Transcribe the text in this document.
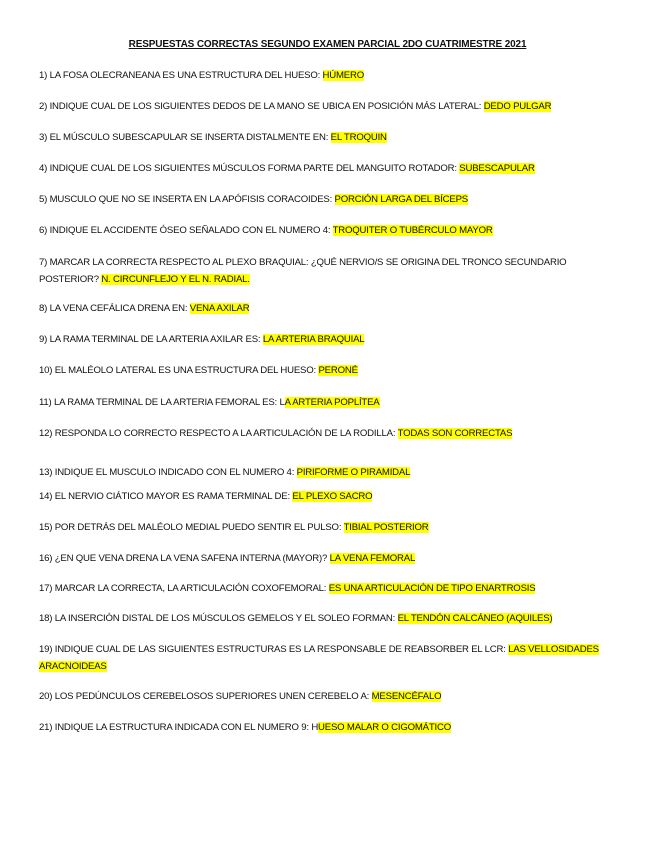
RESPUESTAS CORRECTAS SEGUNDO EXAMEN PARCIAL 2DO CUATRIMESTRE 2021
1) LA FOSA OLECRANEANA ES UNA ESTRUCTURA DEL HUESO: HÚMERO
2) INDIQUE CUAL DE LOS SIGUIENTES DEDOS DE LA MANO SE UBICA EN POSICIÓN MÁS LATERAL: DEDO PULGAR
3) EL MÚSCULO SUBESCAPULAR SE INSERTA DISTALMENTE EN: EL TROQUIN
4) INDIQUE CUAL DE LOS SIGUIENTES MÚSCULOS FORMA PARTE DEL MANGUITO ROTADOR: SUBESCAPULAR
5) MUSCULO QUE NO SE INSERTA EN LA APÓFISIS CORACOIDES: PORCIÓN LARGA DEL BÍCEPS
6) INDIQUE EL ACCIDENTE ÓSEO SEÑALADO CON EL NUMERO 4: TROQUITER O TUBÉRCULO MAYOR
7) MARCAR LA CORRECTA RESPECTO AL PLEXO BRAQUIAL: ¿QUÉ NERVIO/S SE ORIGINA DEL TRONCO SECUNDARIO POSTERIOR? N. CIRCUNFLEJO Y EL N. RADIAL.
8) LA VENA CEFÁLICA DRENA EN: VENA AXILAR
9) LA RAMA TERMINAL DE LA ARTERIA AXILAR ES: LA ARTERIA BRAQUIAL
10) EL MALÉOLO LATERAL ES UNA ESTRUCTURA DEL HUESO: PERONÉ
11) LA RAMA TERMINAL DE LA ARTERIA FEMORAL ES: LA ARTERIA POPLÍTEA
12) RESPONDA LO CORRECTO RESPECTO A LA ARTICULACIÓN DE LA RODILLA: TODAS SON CORRECTAS
13) INDIQUE EL MUSCULO INDICADO CON EL NUMERO 4: PIRIFORME O PIRAMIDAL
14) EL NERVIO CIÁTICO MAYOR ES RAMA TERMINAL DE: EL PLEXO SACRO
15) POR DETRÁS DEL MALÉOLO MEDIAL PUEDO SENTIR EL PULSO: TIBIAL POSTERIOR
16) ¿EN QUE VENA DRENA LA VENA SAFENA INTERNA (MAYOR)? LA VENA FEMORAL
17) MARCAR LA CORRECTA, LA ARTICULACIÓN COXOFEMORAL: ES UNA ARTICULACIÓN DE TIPO ENARTROSIS
18) LA INSERCIÓN DISTAL DE LOS MÚSCULOS GEMELOS Y EL SOLEO FORMAN: EL TENDÓN CALCÁNEO (AQUILES)
19) INDIQUE CUAL DE LAS SIGUIENTES ESTRUCTURAS ES LA RESPONSABLE DE REABSORBER EL LCR: LAS VELLOSIDADES ARACNOIDEAS
20) LOS PEDÚNCULOS CEREBELOSOS SUPERIORES UNEN CEREBELO A: MESENCÉFALO
21) INDIQUE LA ESTRUCTURA INDICADA CON EL NUMERO 9: HUESO MALAR O CIGOMÁTICO
